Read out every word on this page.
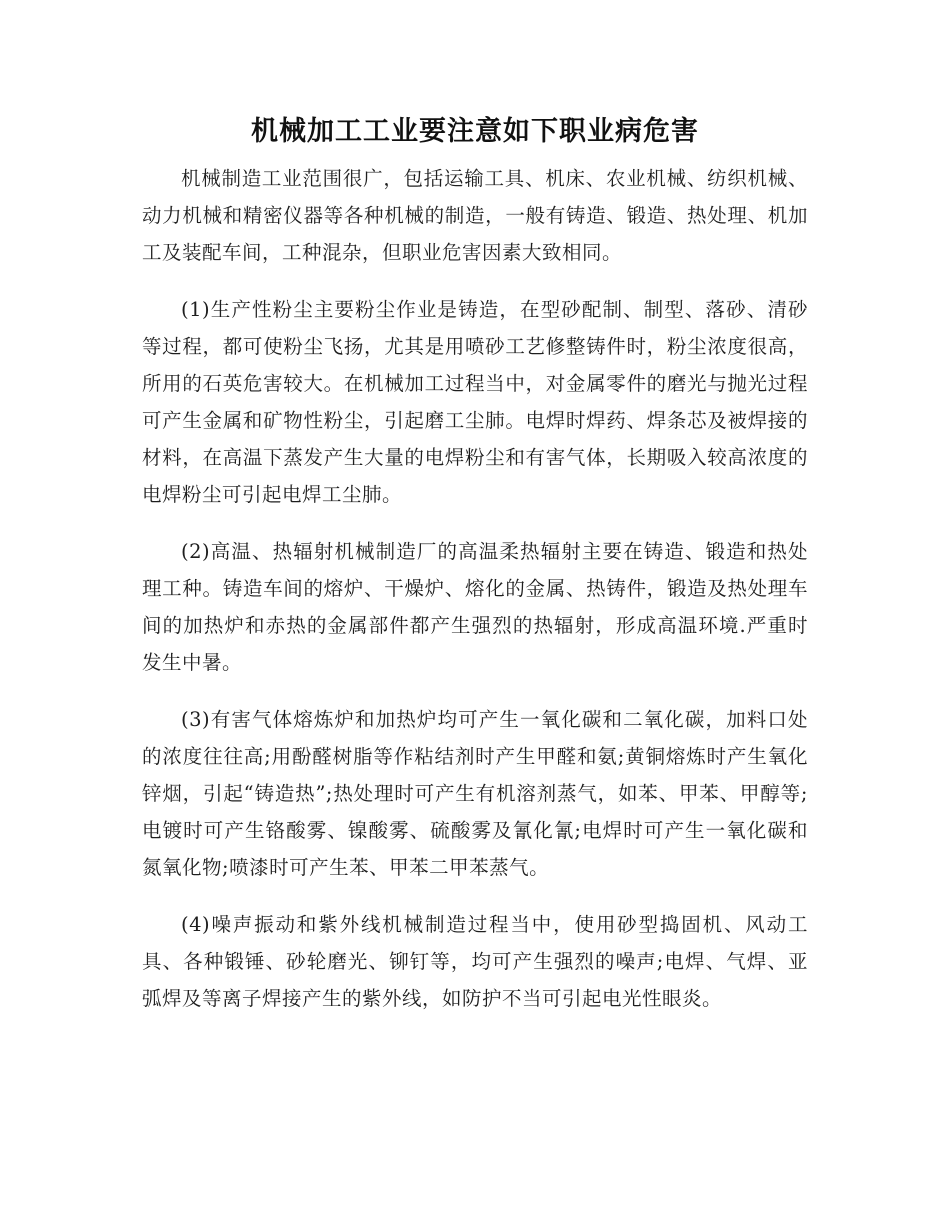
机械加工工业要注意如下职业病危害

机械制造工业范围很广，包括运输工具、机床、农业机械、纺织机械、动力机械和精密仪器等各种机械的制造，一般有铸造、锻造、热处理、机加工及装配车间，工种混杂，但职业危害因素大致相同。

(1)生产性粉尘主要粉尘作业是铸造，在型砂配制、制型、落砂、清砂等过程，都可使粉尘飞扬，尤其是用喷砂工艺修整铸件时，粉尘浓度很高，所用的石英危害较大。在机械加工过程当中，对金属零件的磨光与抛光过程可产生金属和矿物性粉尘，引起磨工尘肺。电焊时焊药、焊条芯及被焊接的材料，在高温下蒸发产生大量的电焊粉尘和有害气体，长期吸入较高浓度的电焊粉尘可引起电焊工尘肺。

(2)高温、热辐射机械制造厂的高温柔热辐射主要在铸造、锻造和热处理工种。铸造车间的熔炉、干燥炉、熔化的金属、热铸件，锻造及热处理车间的加热炉和赤热的金属部件都产生强烈的热辐射，形成高温环境.严重时发生中暑。

(3)有害气体熔炼炉和加热炉均可产生一氧化碳和二氧化碳，加料口处的浓度往往高;用酚醛树脂等作粘结剂时产生甲醛和氨;黄铜熔炼时产生氧化锌烟，引起“铸造热”;热处理时可产生有机溶剂蒸气，如苯、甲苯、甲醇等;电镀时可产生铬酸雾、镍酸雾、硫酸雾及氰化氰;电焊时可产生一氧化碳和氮氧化物;喷漆时可产生苯、甲苯二甲苯蒸气。

(4)噪声振动和紫外线机械制造过程当中，使用砂型捣固机、风动工具、各种锻锤、砂轮磨光、铆钉等，均可产生强烈的噪声;电焊、气焊、亚弧焊及等离子焊接产生的紫外线，如防护不当可引起电光性眼炎。
